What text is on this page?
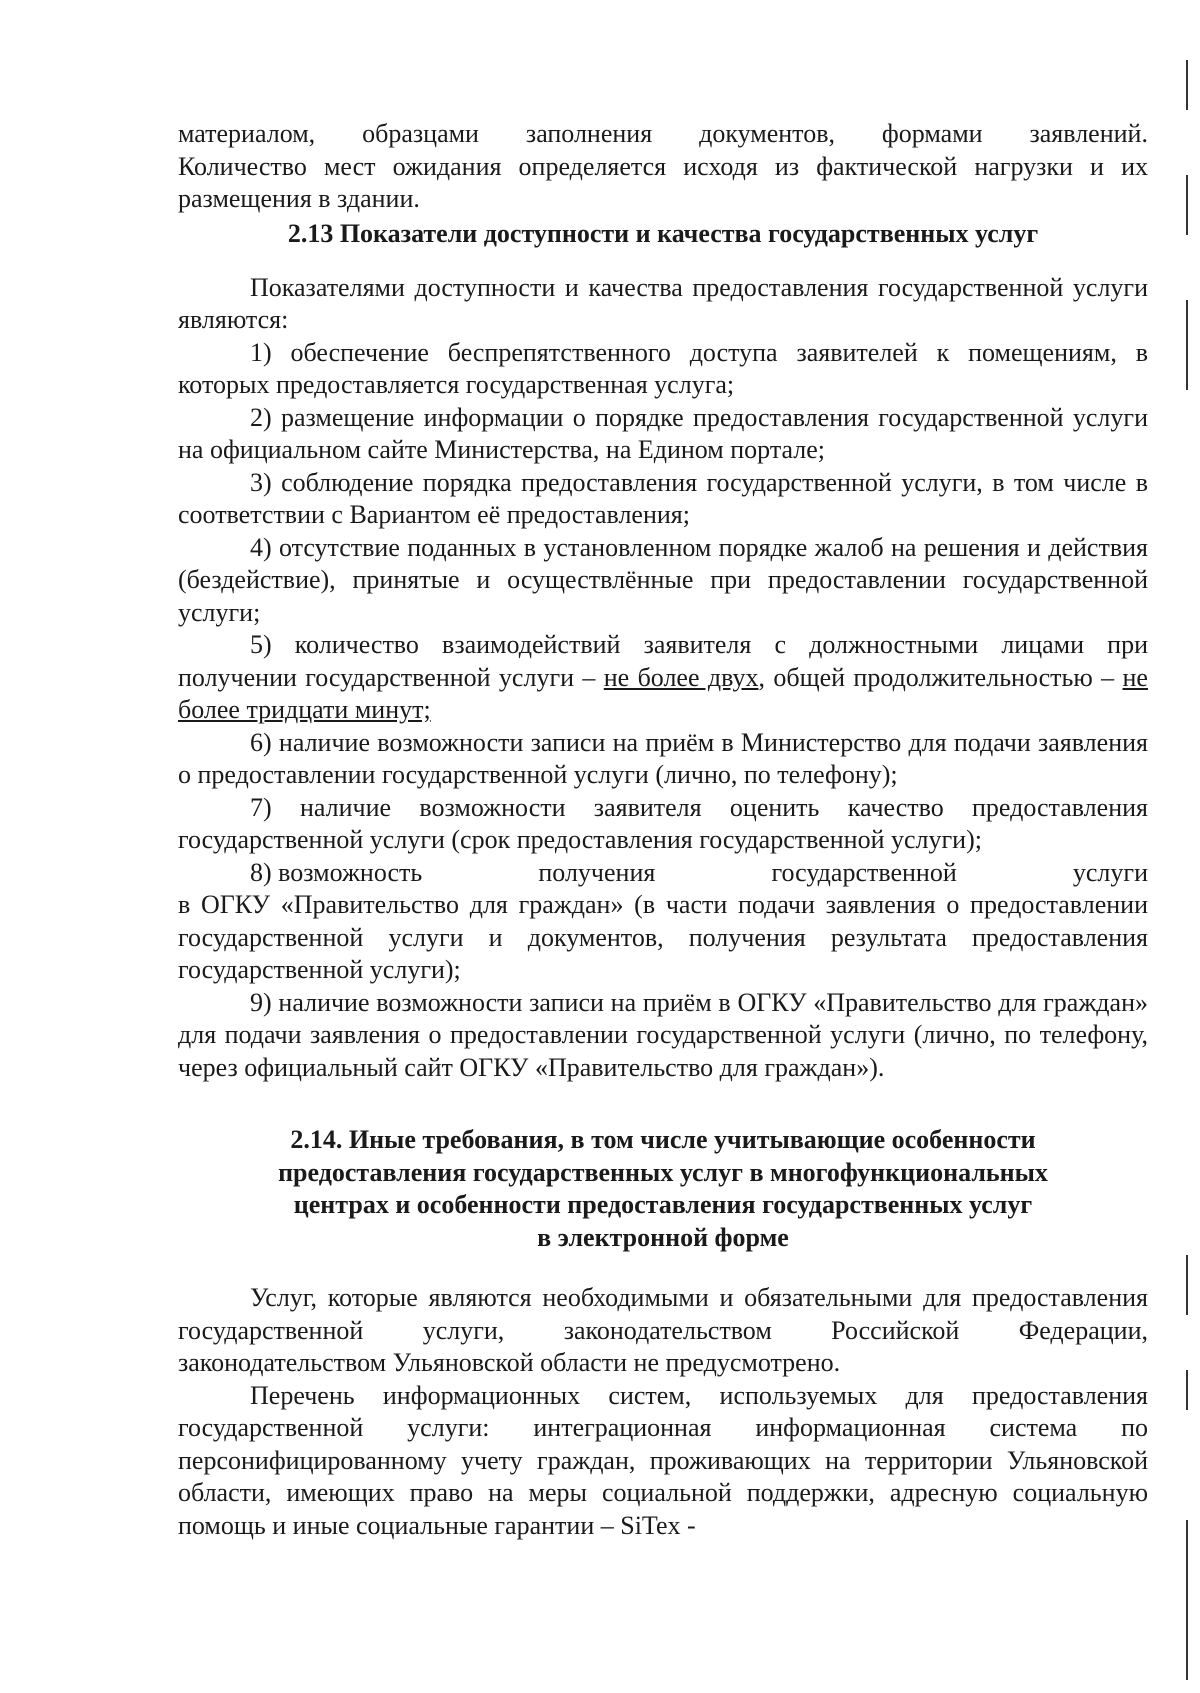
материалом, образцами заполнения документов, формами заявлений.

Количество мест ожидания определяется исходя из фактической нагрузки и их размещения в здании.

2.13 Показатели доступности и качества государственных услуг

Показателями доступности и качества предоставления государственной услуги являются:

1) обеспечение беспрепятственного доступа заявителей к помещениям, в которых предоставляется государственная услуга;

2) размещение информации о порядке предоставления государственной услуги на официальном сайте Министерства, на Едином портале;

3) соблюдение порядка предоставления государственной услуги, в том числе в соответствии с Вариантом её предоставления;

4) отсутствие поданных в установленном порядке жалоб на решения и действия (бездействие), принятые и осуществлённые при предоставлении государственной услуги;

5) количество взаимодействий заявителя с должностными лицами при получении государственной услуги – не более двух, общей продолжительностью – не более тридцати минут;

6) наличие возможности записи на приём в Министерство для подачи заявления о предоставлении государственной услуги (лично, по телефону);

7) наличие возможности заявителя оценить качество предоставления государственной услуги (срок предоставления государственной услуги);

8) возможность	получения	государственной	услуги

в ОГКУ «Правительство для граждан» (в части подачи заявления о предоставлении государственной услуги и документов, получения результата предоставления государственной услуги);

9) наличие возможности записи на приём в ОГКУ «Правительство для граждан» для подачи заявления о предоставлении государственной услуги (лично, по телефону, через официальный сайт ОГКУ «Правительство для граждан»).

2.14. Иные требования, в том числе учитывающие особенности
предоставления государственных услуг в многофункциональных
центрах и особенности предоставления государственных услуг
в электронной форме

Услуг, которые являются необходимыми и обязательными для предоставления государственной услуги, законодательством Российской Федерации, законодательством Ульяновской области не предусмотрено.

Перечень информационных систем, используемых для предоставления государственной услуги: интеграционная информационная система по персонифицированному учету граждан, проживающих на территории Ульяновской области, имеющих право на меры социальной поддержки, адресную социальную помощь и иные социальные гарантии – SiTex -
